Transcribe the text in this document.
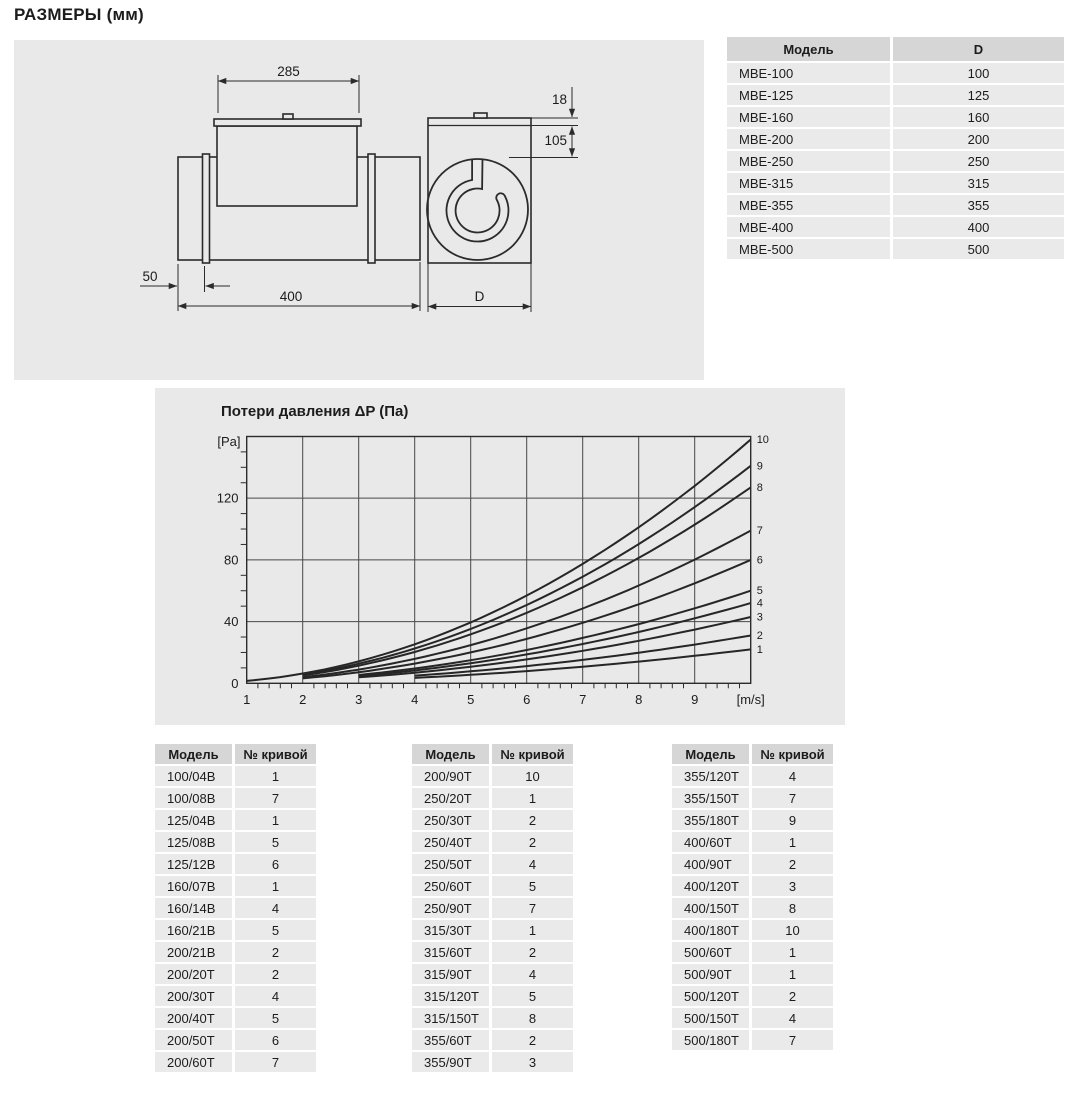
РАЗМЕРЫ (мм)
285
50
400
18
105
D
Модель	D
MBE-100	100
MBE-125	125
MBE-160	160
MBE-200	200
MBE-250	250
MBE-315	315
MBE-355	355
MBE-400	400
MBE-500	500
Потери давления ΔP (Па)
0
40
80
120
[Pa]
1	2	3	4	5	6	7	8	9	[m/s]
1
2
3
4
5
6
7
8
9
10
Модель	№ кривой
100/04B	1
100/08B	7
125/04B	1
125/08B	5
125/12B	6
160/07B	1
160/14B	4
160/21B	5
200/21B	2
200/20T	2
200/30T	4
200/40T	5
200/50T	6
200/60T	7
Модель	№ кривой
200/90T	10
250/20T	1
250/30T	2
250/40T	2
250/50T	4
250/60T	5
250/90T	7
315/30T	1
315/60T	2
315/90T	4
315/120T	5
315/150T	8
355/60T	2
355/90T	3
Модель	№ кривой
355/120T	4
355/150T	7
355/180T	9
400/60T	1
400/90T	2
400/120T	3
400/150T	8
400/180T	10
500/60T	1
500/90T	1
500/120T	2
500/150T	4
500/180T	7
